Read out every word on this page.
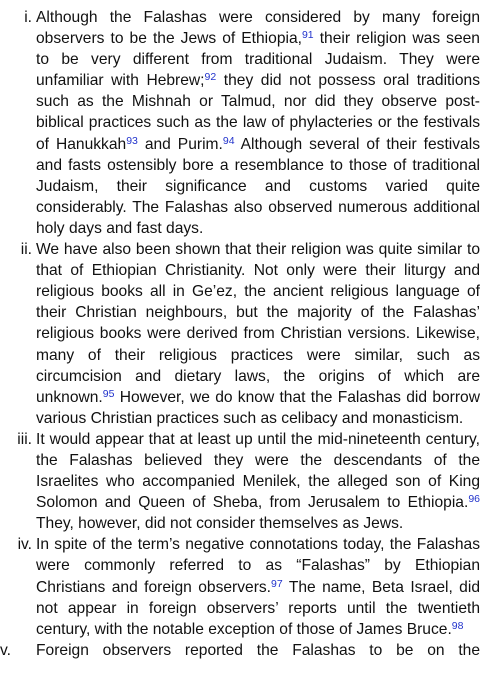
i. Although the Falashas were considered by many foreign observers to be the Jews of Ethiopia,$^{91}$ their religion was seen to be very different from traditional Judaism. They were unfamiliar with Hebrew;$^{92}$ they did not possess oral traditions such as the Mishnah or Talmud, nor did they observe post-biblical practices such as the law of phylacteries or the festivals of Hanukkah$^{93}$ and Purim.$^{94}$ Although several of their festivals and fasts ostensibly bore a resemblance to those of traditional Judaism, their significance and customs varied quite considerably. The Falashas also observed numerous additional holy days and fast days.
ii. We have also been shown that their religion was quite similar to that of Ethiopian Christianity. Not only were their liturgy and religious books all in Ge’ez, the ancient religious language of their Christian neighbours, but the majority of the Falashas’ religious books were derived from Christian versions. Likewise, many of their religious practices were similar, such as circumcision and dietary laws, the origins of which are unknown.$^{95}$ However, we do know that the Falashas did borrow various Christian practices such as celibacy and monasticism.
iii. It would appear that at least up until the mid-nineteenth century, the Falashas believed they were the descendants of the Israelites who accompanied Menilek, the alleged son of King Solomon and Queen of Sheba, from Jerusalem to Ethiopia.$^{96}$ They, however, did not consider themselves as Jews.
iv. In spite of the term’s negative connotations today, the Falashas were commonly referred to as “Falashas” by Ethiopian Christians and foreign observers.$^{97}$ The name, Beta Israel, did not appear in foreign observers’ reports until the twentieth century, with the notable exception of those of James Bruce.$^{98}$
v.	Foreign observers reported the Falashas to be on the
